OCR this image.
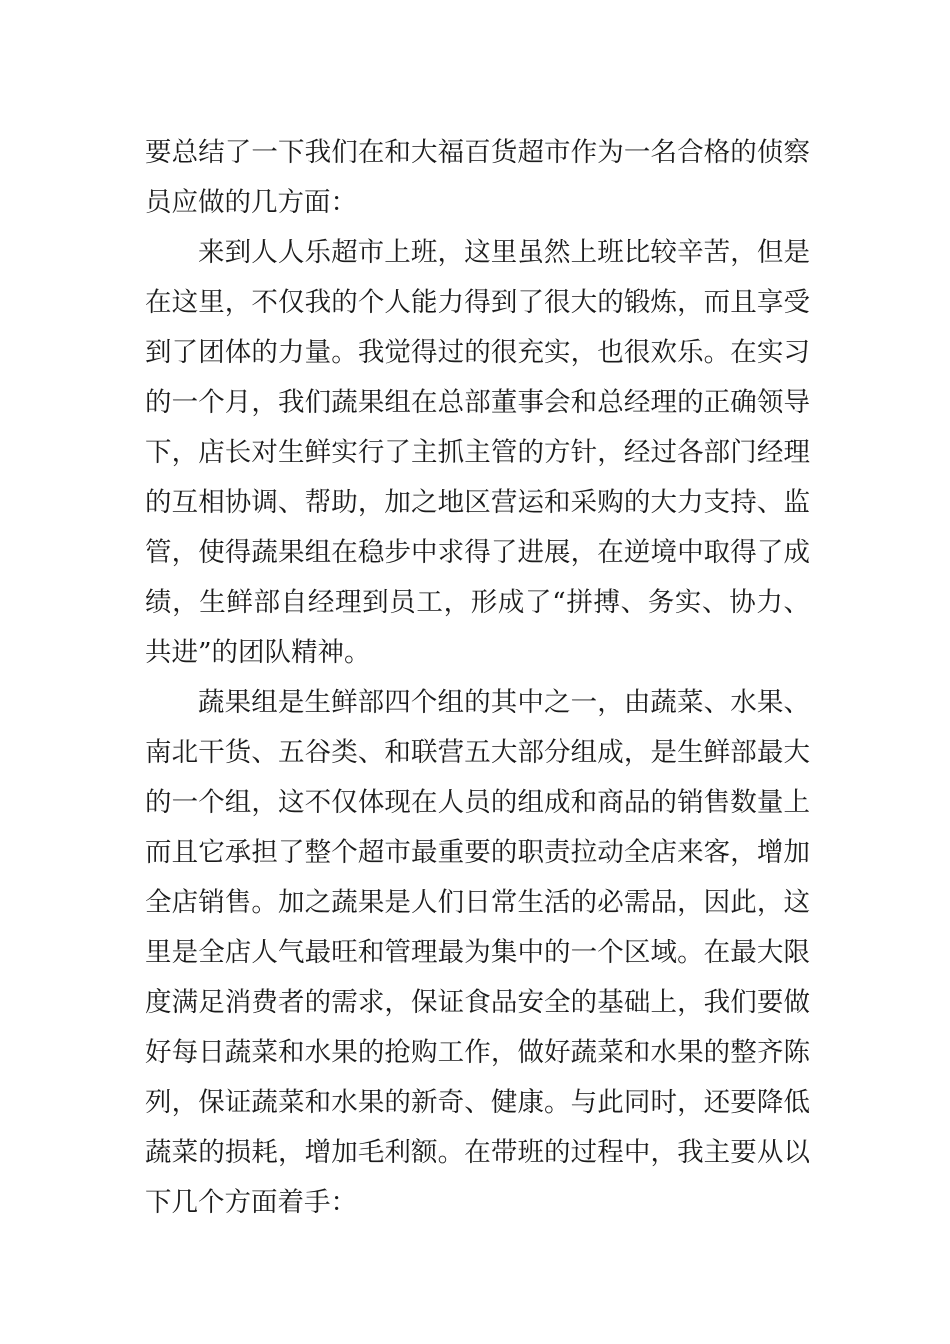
要总结了一下我们在和大福百货超市作为一名合格的侦察员应做的几方面：

来到人人乐超市上班，这里虽然上班比较辛苦，但是在这里，不仅我的个人能力得到了很大的锻炼，而且享受到了团体的力量。我觉得过的很充实，也很欢乐。在实习的一个月，我们蔬果组在总部董事会和总经理的正确领导下，店长对生鲜实行了主抓主管的方针，经过各部门经理的互相协调、帮助，加之地区营运和采购的大力支持、监管，使得蔬果组在稳步中求得了进展，在逆境中取得了成绩，生鲜部自经理到员工，形成了“拼搏、务实、协力、共进”的团队精神。

蔬果组是生鲜部四个组的其中之一，由蔬菜、水果、南北干货、五谷类、和联营五大部分组成，是生鲜部最大的一个组，这不仅体现在人员的组成和商品的销售数量上而且它承担了整个超市最重要的职责拉动全店来客，增加全店销售。加之蔬果是人们日常生活的必需品，因此，这里是全店人气最旺和管理最为集中的一个区域。在最大限度满足消费者的需求，保证食品安全的基础上，我们要做好每日蔬菜和水果的抢购工作，做好蔬菜和水果的整齐陈列，保证蔬菜和水果的新奇、健康。与此同时，还要降低蔬菜的损耗，增加毛利额。在带班的过程中，我主要从以下几个方面着手：
